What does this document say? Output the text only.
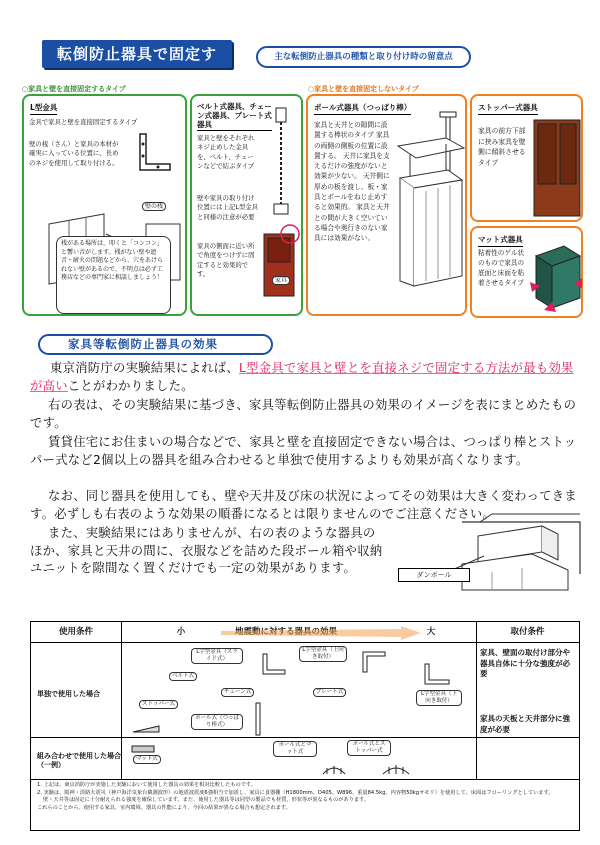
転倒防止器具で固定する！
主な転倒防止器具の種類と取り付け時の留意点
○家具と壁を直接固定するタイプ	○家具と壁を直接固定しないタイプ
L型金具
金具で家具と壁を直接固定するタイプ
壁の桟（さん）と家具の本材が確実に入っている位置に、長めのネジを使用して取り付ける。
壁の桟
桟がある場所は、叩くと「コンコン」と響い音がします。桟がない壁や遮音・耐火の問題などから、穴をあけられない壁があるので、不明点は必ず工務店などの専門家に相談しましょう！
ベルト式器具、チェーン式器具、プレート式器具
家具と壁をそれぞれネジ止めした金具を、ベルト、チェーンなどで結ぶタイプ
壁や家具の取り付け位置には上記L型金具と同様の注意が必要
家具の側面に近い所で角度をつけずに固定すると効果的です。
家具
ポール式器具（つっぱり棒）
家具と天井との隙間に設置する棒状のタイプ 家具の両側の側板の位置に設置する。 天井に家具を支えるだけの強度がないと効果が少ない。 天井側に厚めの板を渡し、板・家具とポールをねじ止めすると効果的。 家具と天井との間が大きく空いている場合や奥行きのない家具には効果がない。
ストッパー式器具
家具の前方下部に挟み家具を壁側に傾斜させるタイプ
マット式器具
粘着性のゲル状のもので家具の底面と床面を粘着させるタイプ
家具等転倒防止器具の効果
東京消防庁の実験結果によれば、L型金具で家具と壁とを直接ネジで固定する方法が最も効果が高いことがわかりました。
右の表は、その実験結果に基づき、家具等転倒防止器具の効果のイメージを表にまとめたものです。
賃貸住宅にお住まいの場合などで、家具と壁を直接固定できない場合は、つっぱり棒とストッパー式など2個以上の器具を組み合わせると単独で使用するよりも効果が高くなります。
なお、同じ器具を使用しても、壁や天井及び床の状況によってその効果は大きく変わってきます。必ずしも右表のような効果の順番になるとは限りませんのでご注意ください。
また、実験結果にはありませんが、右の表のような器具のほか、家具と天井の間に、衣服などを詰めた段ボール箱や収納ユニットを隙間なく置くだけでも一定の効果があります。	ダンボール
使用条件	小	大	取付条件
単独で使用した場合
組み合わせで使用した場合（一例）
L字型金具（スライド式）
L字型金具（上向き取付）
ベルト式
チェーン式	プレート式	L字型金具（下向き取付）
ストッパー式
ポール式（つっぱり棒式）
マット式
ポール式とマット式
ポール式とストッパー式
家具、壁面の取付け部分や器具自体に十分な強度が必要
家具の天板と天井部分に強度が必要
1. 上記は、東京消防庁が実施した実験において使用した器具の効果を相対比較したものです。
2. 実験は、阪神・淡路大震災（神戸海洋気象台観測波形）の地震波震度6強相当で加震し、家具に食器棚（H1800mm、D405、W896、重量84.5kg、内容物50kgオモリ）を使用して、床面はフローリングとしています。
壁・天井等は固定に十分耐えられる強度を確保しています。また、使用した器具等は同型の製品でも材質、形状等が異なるものがあります。
これらのことから、使用する家具、室内環境、器具の性能により、今回の結果が異なる場合も想定されます。
